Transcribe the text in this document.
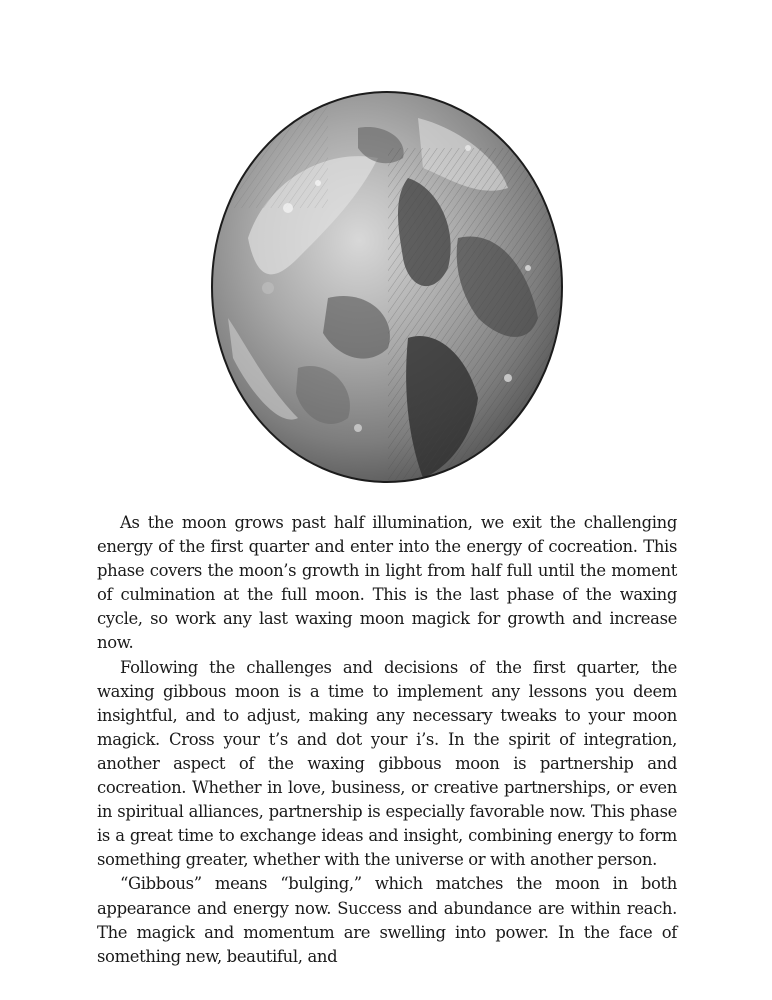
As the moon grows past half illumination, we exit the challenging energy of the first quarter and enter into the energy of cocreation. This phase covers the moon’s growth in light from half full until the moment of culmination at the full moon. This is the last phase of the waxing cycle, so work any last waxing moon magick for growth and increase now.

Following the challenges and decisions of the first quarter, the waxing gibbous moon is a time to implement any lessons you deem insightful, and to adjust, making any necessary tweaks to your moon magick. Cross your t’s and dot your i’s. In the spirit of integration, another aspect of the waxing gibbous moon is partnership and cocreation. Whether in love, business, or creative partnerships, or even in spiritual alliances, partnership is especially favorable now. This phase is a great time to exchange ideas and insight, combining energy to form something greater, whether with the universe or with another person.

“Gibbous” means “bulging,” which matches the moon in both appearance and energy now. Success and abundance are within reach. The magick and momentum are swelling into power. In the face of something new, beautiful, and
